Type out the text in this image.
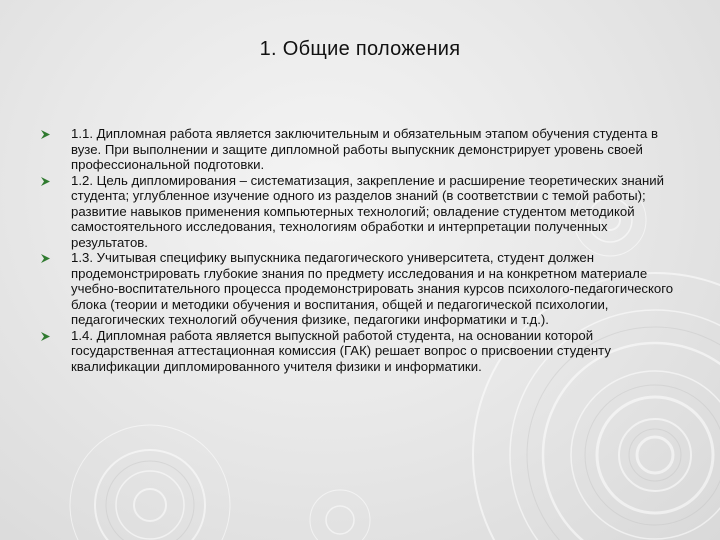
1. Общие положения
1.1. Дипломная работа является заключительным и обязательным этапом обучения студента в вузе. При выполнении и защите дипломной работы выпускник демонстрирует уровень своей профессиональной подготовки.
1.2. Цель дипломирования – систематизация, закрепление и расширение теоретических знаний студента; углубленное изучение одного из разделов знаний (в соответствии с темой работы); развитие навыков применения компьютерных технологий; овладение студентом методикой самостоятельного исследования, технологиям обработки и интерпретации полученных результатов.
1.3. Учитывая специфику выпускника педагогического университета, студент должен продемонстрировать глубокие знания по предмету исследования и на конкретном материале учебно-воспитательного процесса продемонстрировать знания курсов психолого-педагогического блока (теории и методики обучения и воспитания, общей и педагогической психологии, педагогических технологий обучения физике, педагогики информатики и т.д.).
1.4. Дипломная работа является выпускной работой студента, на основании которой государственная аттестационная комиссия (ГАК) решает вопрос о присвоении студенту квалификации дипломированного учителя физики и информатики.
